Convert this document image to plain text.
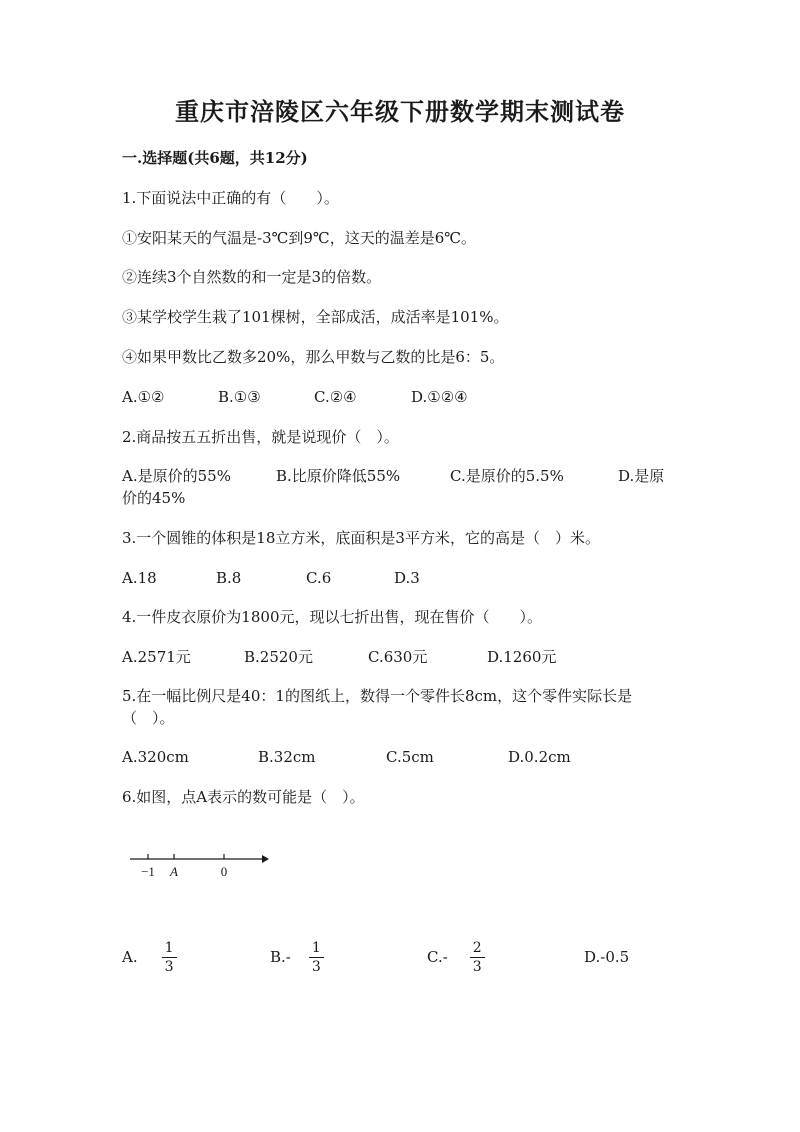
重庆市涪陵区六年级下册数学期末测试卷
一.选择题(共6题，共12分)
1.下面说法中正确的有（　　）。
①安阳某天的气温是-3℃到9℃，这天的温差是6℃。
②连续3个自然数的和一定是3的倍数。
③某学校学生栽了101棵树，全部成活，成活率是101%。
④如果甲数比乙数多20%，那么甲数与乙数的比是6：5。
A.①②	B.①③	C.②④	D.①②④
2.商品按五五折出售，就是说现价（　）。
A.是原价的55%	B.比原价降低55%	C.是原价的5.5%	D.是原
价的45%
3.一个圆锥的体积是18立方米，底面积是3平方米，它的高是（　）米。
A.18	B.8	C.6	D.3
4.一件皮衣原价为1800元，现以七折出售，现在售价（　　）。
A.2571元	B.2520元	C.630元	D.1260元
5.在一幅比例尺是40：1的图纸上，数得一个零件长8cm，这个零件实际长是
（　）。
A.320cm	B.32cm	C.5cm	D.0.2cm
6.如图，点A表示的数可能是（　）。
−1 A	0
A. $\frac{1}{3}$	$B.- \frac{1}{3}$	$C.- \frac{2}{3}$	D.-0.5
